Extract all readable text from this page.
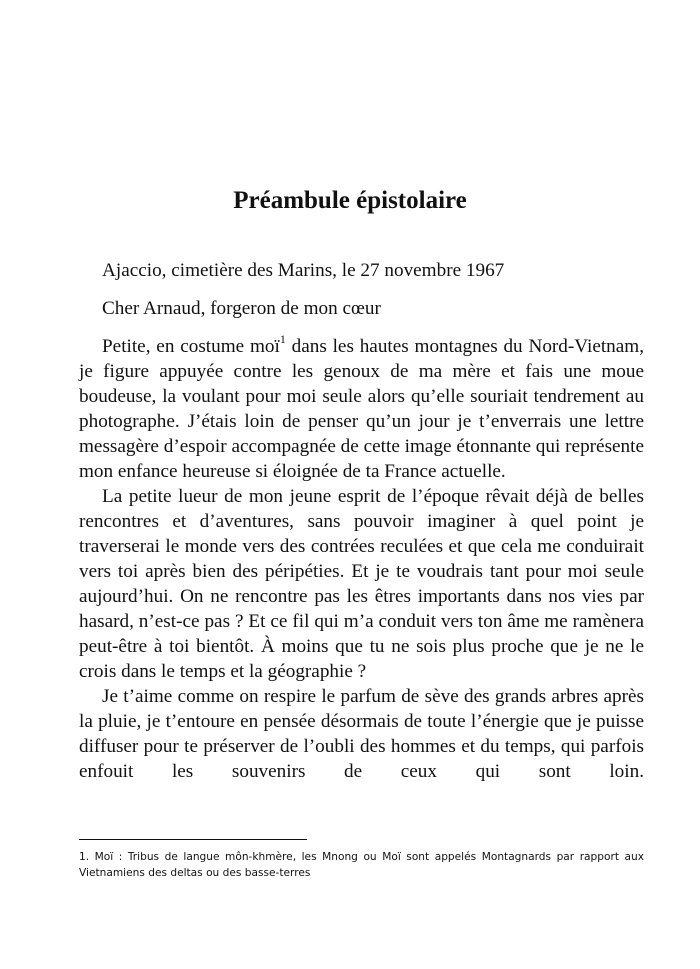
Préambule épistolaire
Ajaccio, cimetière des Marins, le 27 novembre 1967
Cher Arnaud, forgeron de mon cœur

Petite, en costume moï$^1$ dans les hautes montagnes du Nord-Vietnam, je figure appuyée contre les genoux de ma mère et fais une moue boudeuse, la voulant pour moi seule alors qu’elle souriait tendrement au photographe. J’étais loin de penser qu’un jour je t’enverrais une lettre messagère d’espoir accompagnée de cette image étonnante qui représente mon enfance heureuse si éloignée de ta France actuelle.

La petite lueur de mon jeune esprit de l’époque rêvait déjà de belles rencontres et d’aventures, sans pouvoir imaginer à quel point je traverserai le monde vers des contrées reculées et que cela me conduirait vers toi après bien des péripéties. Et je te voudrais tant pour moi seule aujourd’hui. On ne rencontre pas les êtres importants dans nos vies par hasard, n’est-ce pas ? Et ce fil qui m’a conduit vers ton âme me ramènera peut-être à toi bientôt. À moins que tu ne sois plus proche que je ne le crois dans le temps et la géographie ?

Je t’aime comme on respire le parfum de sève des grands arbres après la pluie, je t’entoure en pensée désormais de toute l’énergie que je puisse diffuser pour te préserver de l’oubli des hommes et du temps, qui parfois enfouit les souvenirs de ceux qui sont loin.

1. Moï : Tribus de langue môn-khmère, les Mnong ou Moï sont appelés Montagnards par rapport aux Vietnamiens des deltas ou des basse-terres
